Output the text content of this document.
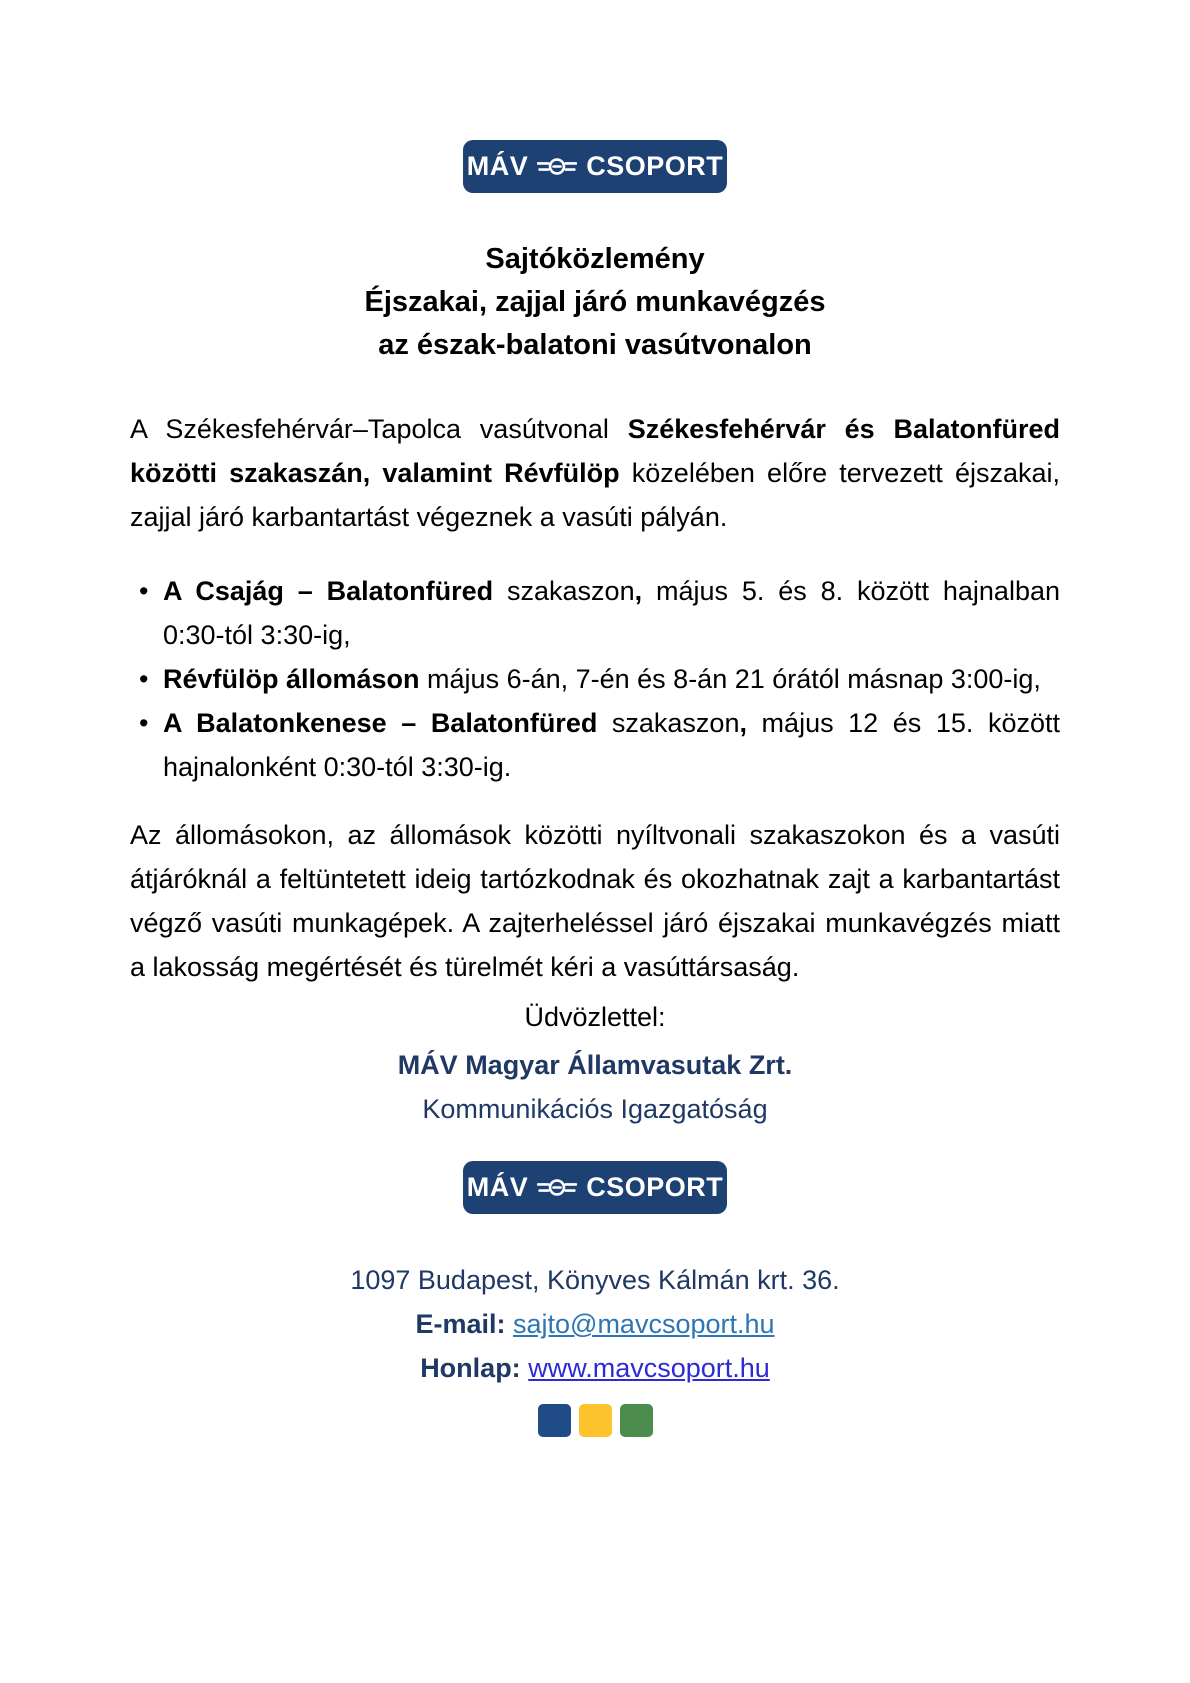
MÁV CSOPORT
Sajtóközlemény
Éjszakai, zajjal járó munkavégzés
az észak-balatoni vasútvonalon

A Székesfehérvár–Tapolca vasútvonal Székesfehérvár és Balatonfüred közötti szakaszán, valamint Révfülöp közelében előre tervezett éjszakai, zajjal járó karbantartást végeznek a vasúti pályán.

• A Csajág – Balatonfüred szakaszon, május 5. és 8. között hajnalban 0:30-tól 3:30-ig,
• Révfülöp állomáson május 6-án, 7-én és 8-án 21 órától másnap 3:00-ig,
• A Balatonkenese – Balatonfüred szakaszon, május 12 és 15. között hajnalonként 0:30-tól 3:30-ig.

Az állomásokon, az állomások közötti nyíltvonali szakaszokon és a vasúti átjáróknál a feltüntetett ideig tartózkodnak és okozhatnak zajt a karbantartást végző vasúti munkagépek. A zajterheléssel járó éjszakai munkavégzés miatt a lakosság megértését és türelmét kéri a vasúttársaság.

Üdvözlettel:
MÁV Magyar Államvasutak Zrt.
Kommunikációs Igazgatóság
MÁV CSOPORT
1097 Budapest, Könyves Kálmán krt. 36.
E-mail: sajto@mavcsoport.hu
Honlap: www.mavcsoport.hu
